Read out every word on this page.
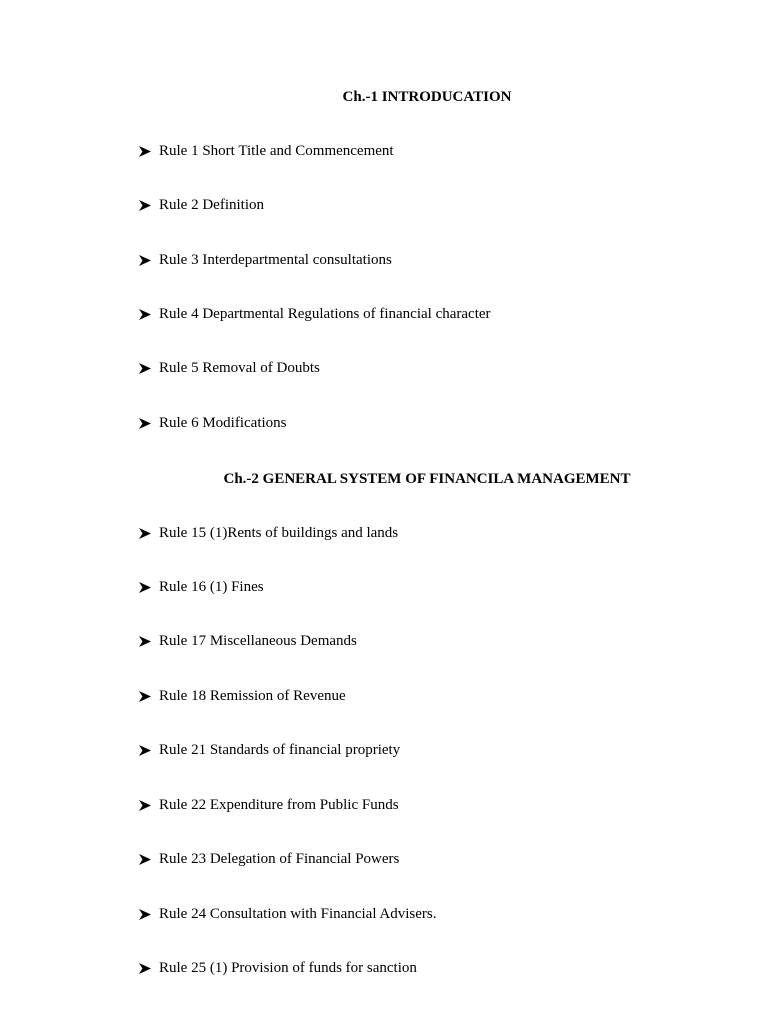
Ch.-1 INTRODUCATION
Rule 1 Short Title and Commencement
Rule 2 Definition
Rule 3 Interdepartmental consultations
Rule 4 Departmental Regulations of financial character
Rule 5 Removal of Doubts
Rule 6 Modifications
Ch.-2 GENERAL SYSTEM OF FINANCILA MANAGEMENT
Rule 15 (1)Rents of buildings and lands
Rule 16 (1) Fines
Rule 17 Miscellaneous Demands
Rule 18 Remission of Revenue
Rule 21 Standards of financial propriety
Rule 22 Expenditure from Public Funds
Rule 23 Delegation of Financial Powers
Rule 24 Consultation with Financial Advisers.
Rule 25 (1) Provision of funds for sanction
